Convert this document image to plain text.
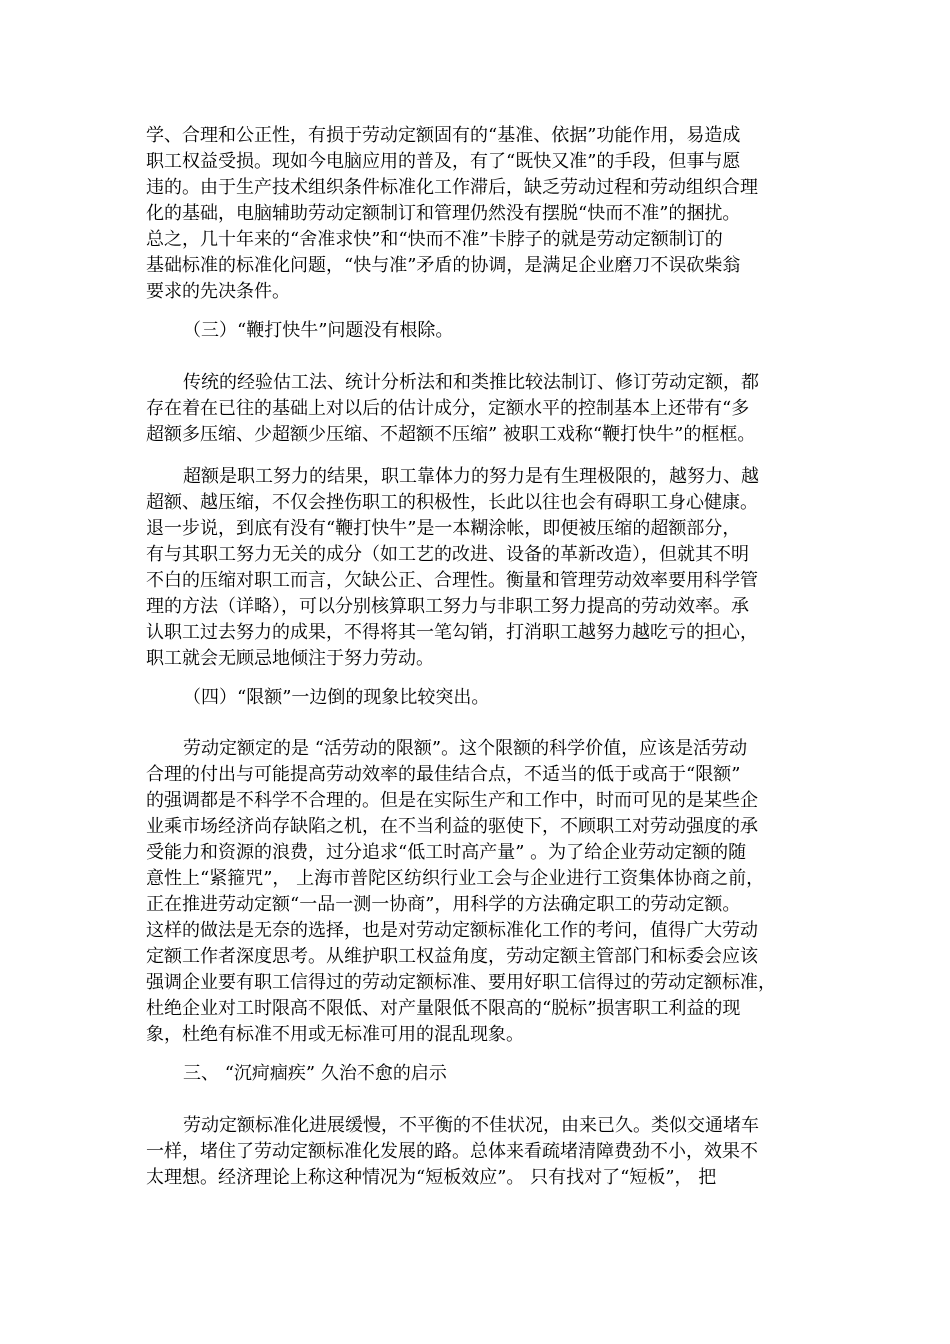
学、合理和公正性，有损于劳动定额固有的“基准、依据”功能作用，易造成
职工权益受损。现如今电脑应用的普及，有了“既快又准”的手段，但事与愿
违的。由于生产技术组织条件标准化工作滞后，缺乏劳动过程和劳动组织合理
化的基础，电脑辅助劳动定额制订和管理仍然没有摆脱“快而不准”的捆扰。
总之，几十年来的“舍准求快”和“快而不准”卡脖子的就是劳动定额制订的
基础标准的标准化问题，“快与准”矛盾的协调，是满足企业磨刀不误砍柴翁
要求的先决条件。
（三）“鞭打快牛”问题没有根除。
传统的经验估工法、统计分析法和和类推比较法制订、修订劳动定额，都
存在着在已往的基础上对以后的估计成分，定额水平的控制基本上还带有“多
超额多压缩、少超额少压缩、不超额不压缩” 被职工戏称“鞭打快牛”的框框。
超额是职工努力的结果，职工靠体力的努力是有生理极限的，越努力、越
超额、越压缩，不仅会挫伤职工的积极性，长此以往也会有碍职工身心健康。
退一步说，到底有没有“鞭打快牛”是一本糊涂帐，即便被压缩的超额部分，
有与其职工努力无关的成分（如工艺的改进、设备的革新改造），但就其不明
不白的压缩对职工而言，欠缺公正、合理性。衡量和管理劳动效率要用科学管
理的方法（详略），可以分别核算职工努力与非职工努力提高的劳动效率。承
认职工过去努力的成果，不得将其一笔勾销，打消职工越努力越吃亏的担心，
职工就会无顾忌地倾注于努力劳动。
（四）“限额”一边倒的现象比较突出。
劳动定额定的是 “活劳动的限额”。这个限额的科学价值，应该是活劳动
合理的付出与可能提高劳动效率的最佳结合点，不适当的低于或高于“限额”
的强调都是不科学不合理的。但是在实际生产和工作中，时而可见的是某些企
业乘市场经济尚存缺陷之机，在不当利益的驱使下，不顾职工对劳动强度的承
受能力和资源的浪费，过分追求“低工时高产量” 。为了给企业劳动定额的随
意性上“紧箍咒”， 上海市普陀区纺织行业工会与企业进行工资集体协商之前，
正在推进劳动定额“一品一测一协商”，用科学的方法确定职工的劳动定额。
这样的做法是无奈的选择，也是对劳动定额标准化工作的考问，值得广大劳动
定额工作者深度思考。从维护职工权益角度，劳动定额主管部门和标委会应该
强调企业要有职工信得过的劳动定额标准、要用好职工信得过的劳动定额标准，
杜绝企业对工时限高不限低、对产量限低不限高的“脱标”损害职工利益的现
象，杜绝有标准不用或无标准可用的混乱现象。
三、 “沉疴痼疾” 久治不愈的启示
劳动定额标准化进展缓慢，不平衡的不佳状况，由来已久。类似交通堵车
一样，堵住了劳动定额标准化发展的路。总体来看疏堵清障费劲不小，效果不
太理想。经济理论上称这种情况为“短板效应”。 只有找对了“短板”， 把
